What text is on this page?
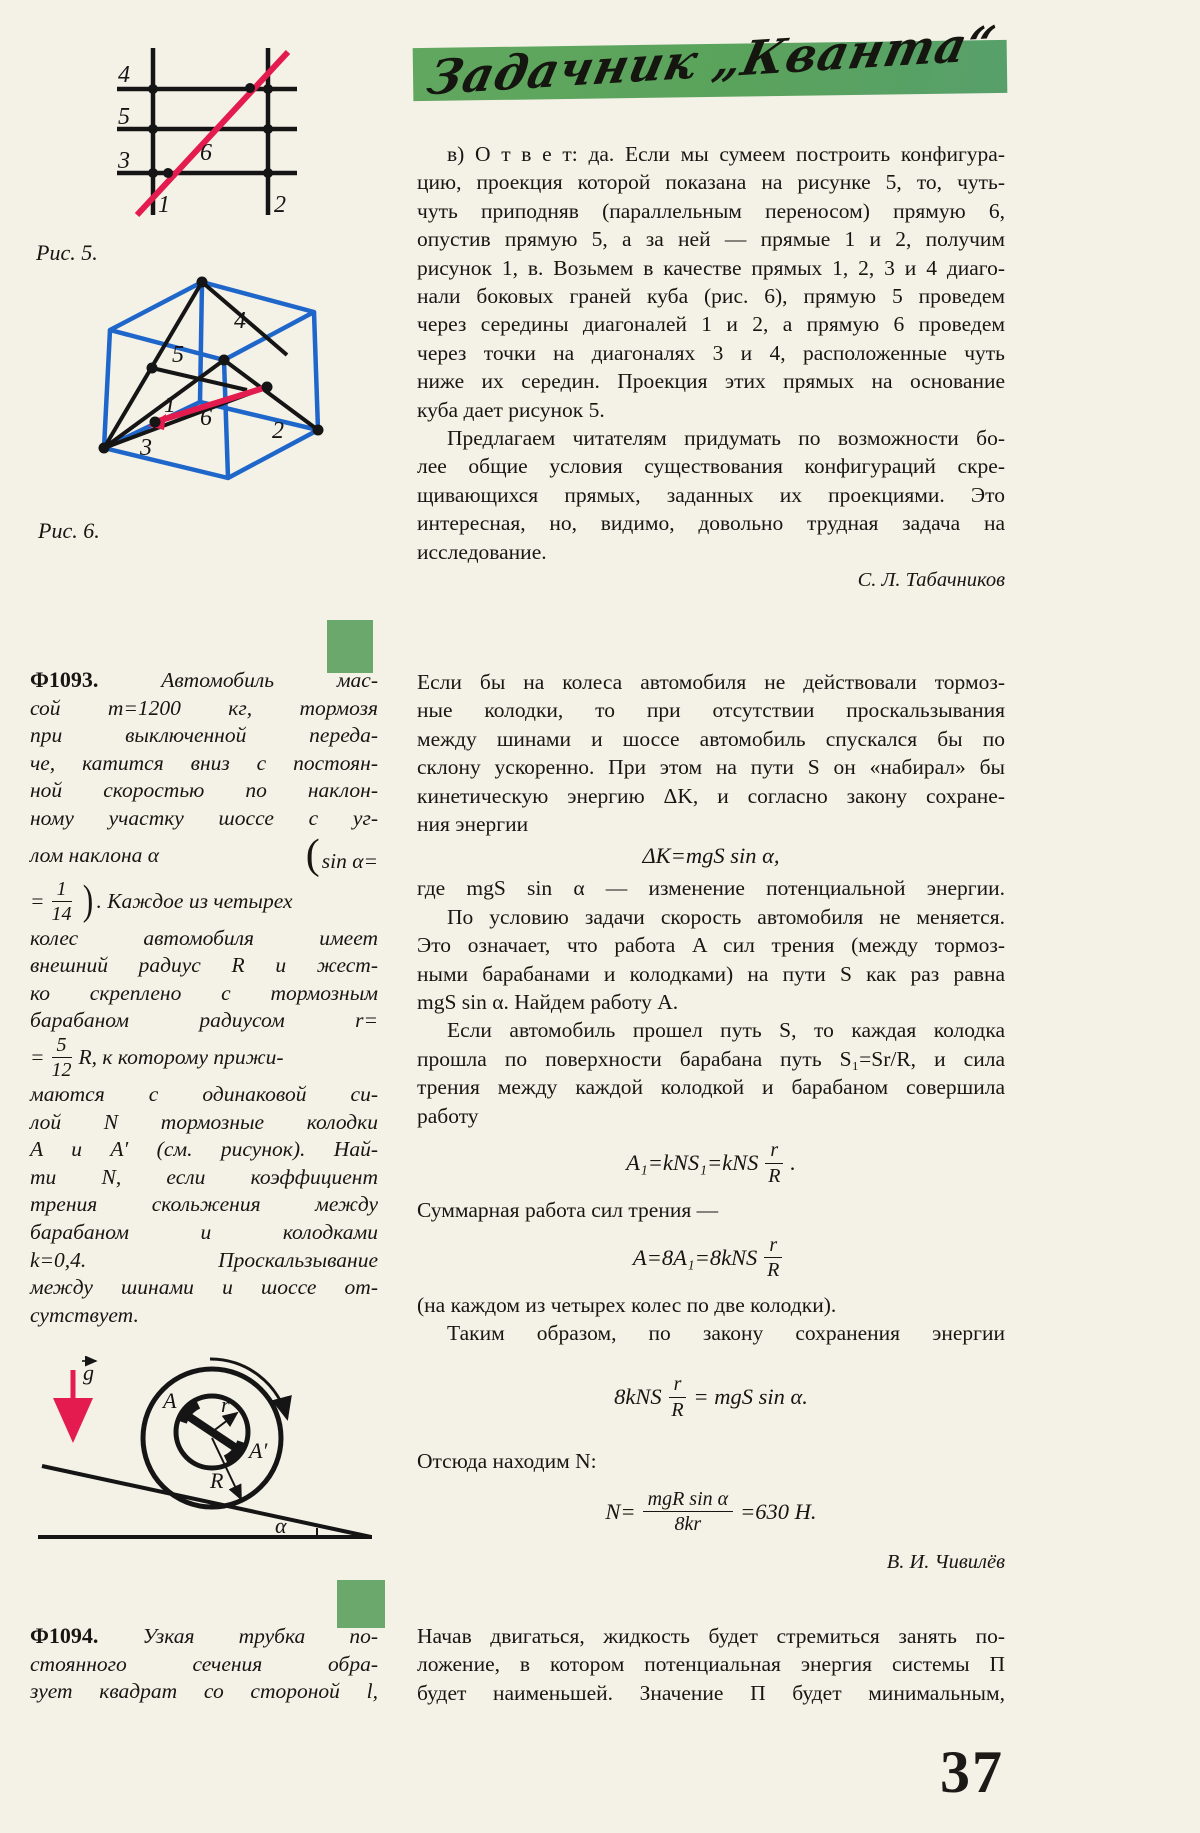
Задачник „Кванта“
4
5
3
1	2
6
Рис. 5.
4
5
1 6
3
2
Рис. 6.
в) О т в е т: да. Если мы сумеем построить конфигура-
цию, проекция которой показана на рисунке 5, то, чуть-
чуть приподняв (параллельным переносом) прямую 6,
опустив прямую 5, а за ней — прямые 1 и 2, получим
рисунок 1, в. Возьмем в качестве прямых 1, 2, 3 и 4 диаго-
нали боковых граней куба (рис. 6), прямую 5 проведем
через середины диагоналей 1 и 2, а прямую 6 проведем
через точки на диагоналях 3 и 4, расположенные чуть
ниже их середин. Проекция этих прямых на основание
куба дает рисунок 5.
Предлагаем читателям придумать по возможности бо-
лее общие условия существования конфигураций скре-
щивающихся прямых, заданных их проекциями. Это
интересная, но, видимо, довольно трудная задача на
исследование.
С. Л. Табачников
Ф1093. Автомобиль мас-
сой m=1200 кг, тормозя
при выключенной переда-
че, катится вниз с постоян-
ной скоростью по наклон-
ному участку шоссе с уг-
лом наклона α	(sin α=
= $\frac{1}{14}$ ) . Каждое из четырех
колес автомобиля имеет
внешний радиус R и жест-
ко скреплено с тормозным
барабаном радиусом r=
= $\frac{5}{12} R$, к которому прижи-
маются с одинаковой си-
лой N тормозные колодки
A и A′ (см. рисунок). Най-
ти N, если коэффициент
трения скольжения между
барабаном и колодками
k=0,4. Проскальзывание
между шинами и шоссе от-
сутствует.
g
A
A′
r
R
α
Ф1094. Узкая трубка по-
стоянного сечения обра-
зует квадрат со стороной l,
Если бы на колеса автомобиля не действовали тормоз-
ные колодки, то при отсутствии проскальзывания
между шинами и шоссе автомобиль спускался бы по
склону ускоренно. При этом на пути S он «набирал» бы
кинетическую энергию ΔK, и согласно закону сохране-
ния энергии
ΔK=mgS sin α,
где mgS sin α — изменение потенциальной энергии.
По условию задачи скорость автомобиля не меняется.
Это означает, что работа A сил трения (между тормоз-
ными барабанами и колодками) на пути S как раз равна
mgS sin α. Найдем работу A.
Если автомобиль прошел путь S, то каждая колодка
прошла по поверхности барабана путь S₁=Sr/R, и сила
трения между каждой колодкой и барабаном совершила
работу
$A_1=kNS_1=kNS \frac{r}{R}$ .
Суммарная работа сил трения —
$A=8A_1=8kNS \frac{r}{R}$
(на каждом из четырех колес по две колодки).
Таким образом, по закону сохранения энергии
$8kNS \frac{r}{R}$ = mgS sin α.
Отсюда находим N:
$N= \frac{\text{mgR sin α}}{8kr} =630$ Н.
В. И. Чивилёв
Начав двигаться, жидкость будет стремиться занять по-
ложение, в котором потенциальная энергия системы П
будет наименьшей. Значение П будет минимальным,
37
